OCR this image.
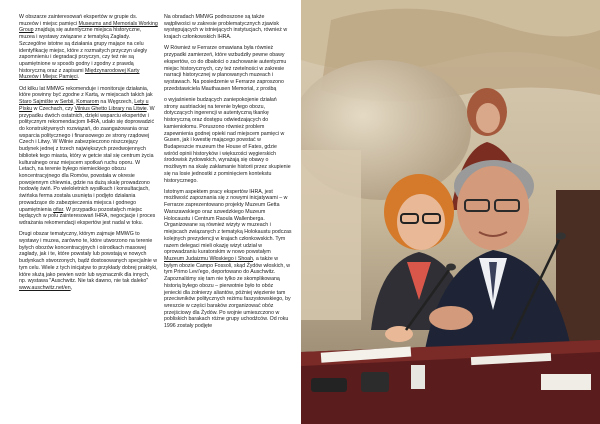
W obszarze zainteresowań ekspertów w grupie ds. muzeów i miejsc pamięci Museums and Memorials Working Group znajdują się autentyczne miejsca historyczne, muzea i wystawy związane z tematyką Zagłady. Szczególne istotne są działania grupy mające na celu identyfikację miejsc, które z rozmaitych przyczyn uległy zapomnieniu i degradacji przyczyn, czy też nie są upamiętnione w sposób godny i zgodny z prawdą historyczną oraz z zapisami Międzynarodowej Karty Muzeów i Miejsc Pamięci.

Od kilku lat MMWG rekomenduje i monitoruje działania, które powinny być zgodne z Kartą, w miejscach takich jak Staro Sajmište w Serbii, Komarom na Węgrzech, Lety u Písku w Czechach, czy Vilnius Ghetto Library na Litwie. W przypadku dwóch ostatnich, dzięki wsparciu ekspertów i politycznym rekomendacjom IHRA, udało się doprowadzić do konstruktywnych rozwiązań, do zaangażowania oraz wsparcia politycznego i finansowego ze strony rządowej Czech i Litwy. W Wilnie zabezpieczono niszczejący budynek jednej z trzech największych przedwojennych bibliotek tego miasta, który w getcie stał się centrum życia kulturalnego oraz miejscem spotkań ruchu oporu. W Letach, na terenie byłego niemieckiego obozu koncentracyjnego dla Romów, powstała w okresie powojennym chlewnia, gdzie na dużą skalę prowadzono hodowlę świń. Po wieloletnich wysiłkach i konsultacjach, świńska ferma została usunięta i podjęto działania prowadzące do zabezpieczenia miejsca i godnego upamiętnienia ofiar. W przypadku pozostałych miejsc będących w polu zainteresowań IHRA, negocjacje i proces wdrażania rekomendacji ekspertów jest nadal w toku.

Drugi obszar tematyczny, którym zajmuje MMWG to wystawy i muzea, zarówno te, które utworzono na terenie byłych obozów koncentracyjnych i ośrodkach masowej zagłady, jak i te, które powstały lub powstają w nowych budynkach stworzonych, bądź dostosowanych specjalnie w tym celu. Wiele z tych inicjatyw to przykłady dobrej praktyki, które służą jako pewien wzór lub wyznacznik dla innych, np. wystawa "Auschwitz. Nie tak dawno, nie tak daleko" www.auschwitz.net/en,

Na obradach MMWG podnoszone są także wątpliwości w zakresie problematycznych zjawisk występujących w istniejących instytucjach, również w krajach członkowskich IHRA.

W Również w Ferrarze omawiana była również przypadki zamierzeń, które wzbudziły pewne obawy ekspertów, co do dbałości o zachowanie autentyzmu miejsc historycznych, czy też rzetelności w zakresie narracji historycznej w planowanych muzeach i wystawach. Na posiedzenie w Ferrarze zaproszono przedstawiciela Mauthausen Memorial, z prośbą

o wyjaśnienie budzących zaniepokojenie działań strony austriackiej na terenie byłego obozu, dotyczących ingerencji w autentyczną tkankę historyczną oraz dostępu odwiedzających do kamieniołomu. Poruszono również problem zapewnienia godnej opieki nad miejscem pamięci w Gusen, jak i kwestię mającego powstać w Budapeszcie muzeum the House of Fates, gdzie wśród opinii historyków i większości węgierskich środowisk żydowskich, wyrażają się obawy o możliwym na skalę zakłamanie historii przez skupienie się na losie jednostki z pominięciem kontekstu historycznego.

Istotnym aspektem pracy ekspertów IHRA, jest możliwość zapoznania się z nowymi inicjatywami – w Ferrarze zaprezentowano projekty Muzeum Getta Warszawskiego oraz szwedzkiego Muzeum Holocaustu i Centrum Raoula Wallenberga. Organizowane są również wizyty w muzeach i miejscach związanych z tematyką Holokaustu podczas kolejnych prezydencji w krajach członkowskich. Tym razem delegaci mieli okazję wizyt udział w oprowadzaniu kuratorskim w nowo powstałym Muzeum Judaizmu Włoskiego i Shoah, a także w byłym obozie Campo Fossoli, skąd Żydów włoskich, w tym Primo Levi'ego, deportowano do Auschwitz. Zapoznaliśmy się tam nie tylko ze skomplikowaną historią byłego obozu – pierwotnie było to obóz jeniecki dla żołnierzy aliantów, później więzienie tam przeciwników politycznych reżimu faszystowskiego, by wreszcie w części baraków zorganizować obóz przejściowy dla Żydów. Po wojnie umieszczono w pobliskich barakach różne grupy uchodźców. Od roku 1996 zostały podjęte
